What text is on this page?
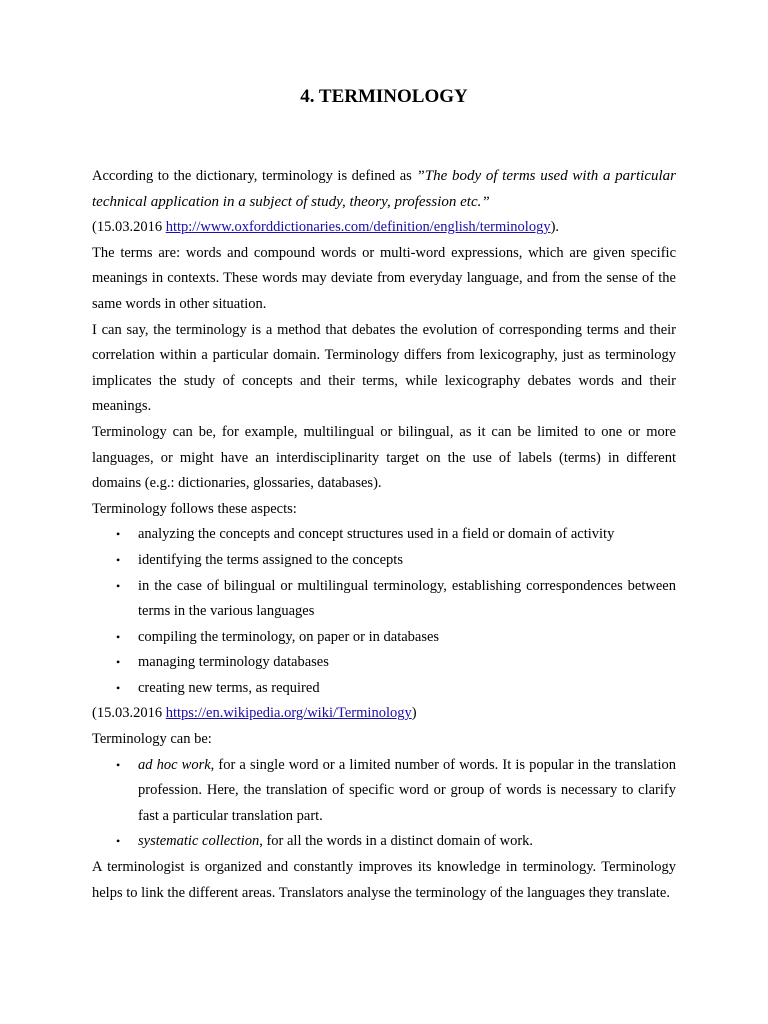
4. TERMINOLOGY

According to the dictionary, terminology is defined as ”The body of terms used with a particular technical application in a subject of study, theory, profession etc.”

(15.03.2016 http://www.oxforddictionaries.com/definition/english/terminology).

The terms are: words and compound words or multi-word expressions, which are given specific meanings in contexts. These words may deviate from everyday language, and from the sense of the same words in other situation.

I can say, the terminology is a method that debates the evolution of corresponding terms and their correlation within a particular domain. Terminology differs from lexicography, just as terminology implicates the study of concepts and their terms, while lexicography debates words and their meanings.

Terminology can be, for example, multilingual or bilingual, as it can be limited to one or more languages, or might have an interdisciplinarity target on the use of labels (terms) in different domains (e.g.: dictionaries, glossaries, databases).

Terminology follows these aspects:

• analyzing the concepts and concept structures used in a field or domain of activity
• identifying the terms assigned to the concepts
• in the case of bilingual or multilingual terminology, establishing correspondences between terms in the various languages
• compiling the terminology, on paper or in databases
• managing terminology databases
• creating new terms, as required

(15.03.2016 https://en.wikipedia.org/wiki/Terminology)

Terminology can be:

• ad hoc work, for a single word or a limited number of words. It is popular in the translation profession. Here, the translation of specific word or group of words is necessary to clarify fast a particular translation part.
• systematic collection, for all the words in a distinct domain of work.

A terminologist is organized and constantly improves its knowledge in terminology. Terminology helps to link the different areas. Translators analyse the terminology of the languages they translate.
